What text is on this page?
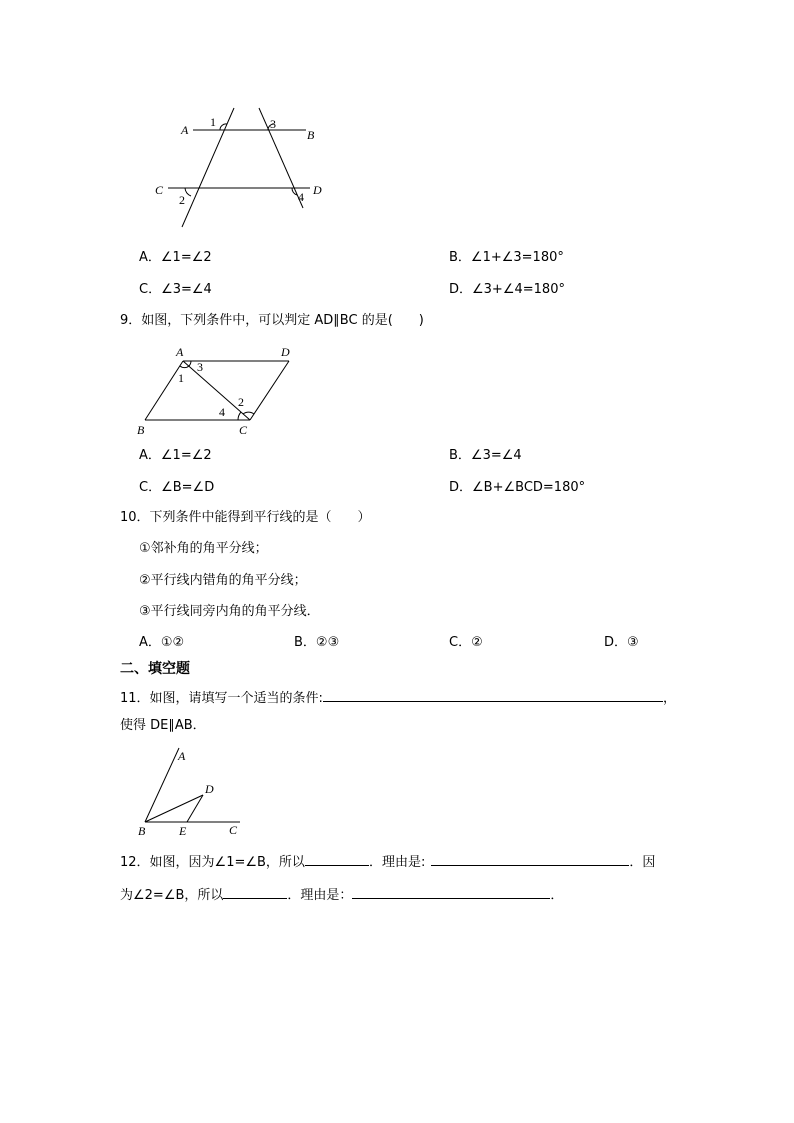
A	B
C	D
1	3
2	4
A．∠1=∠2	B．∠1+∠3=180°
C．∠3=∠4	D．∠3+∠4=180°
9．如图，下列条件中，可以判定 AD∥BC 的是(　　)
A	D
B	C
1
3
2
4
A．∠1=∠2	B．∠3=∠4
C．∠B=∠D	D．∠B+∠BCD=180°
10．下列条件中能得到平行线的是（　　）
①邻补角的角平分线；
②平行线内错角的角平分线；
③平行线同旁内角的角平分线．
A．①②	B．②③	C．②	D．③
二、填空题
11．如图，请填写一个适当的条件:	，
使得 DE∥AB．
A
D
B	E	C
12．如图，因为∠1=∠B，所以	．理由是:	．因
为∠2=∠B，所以	．理由是：	．
